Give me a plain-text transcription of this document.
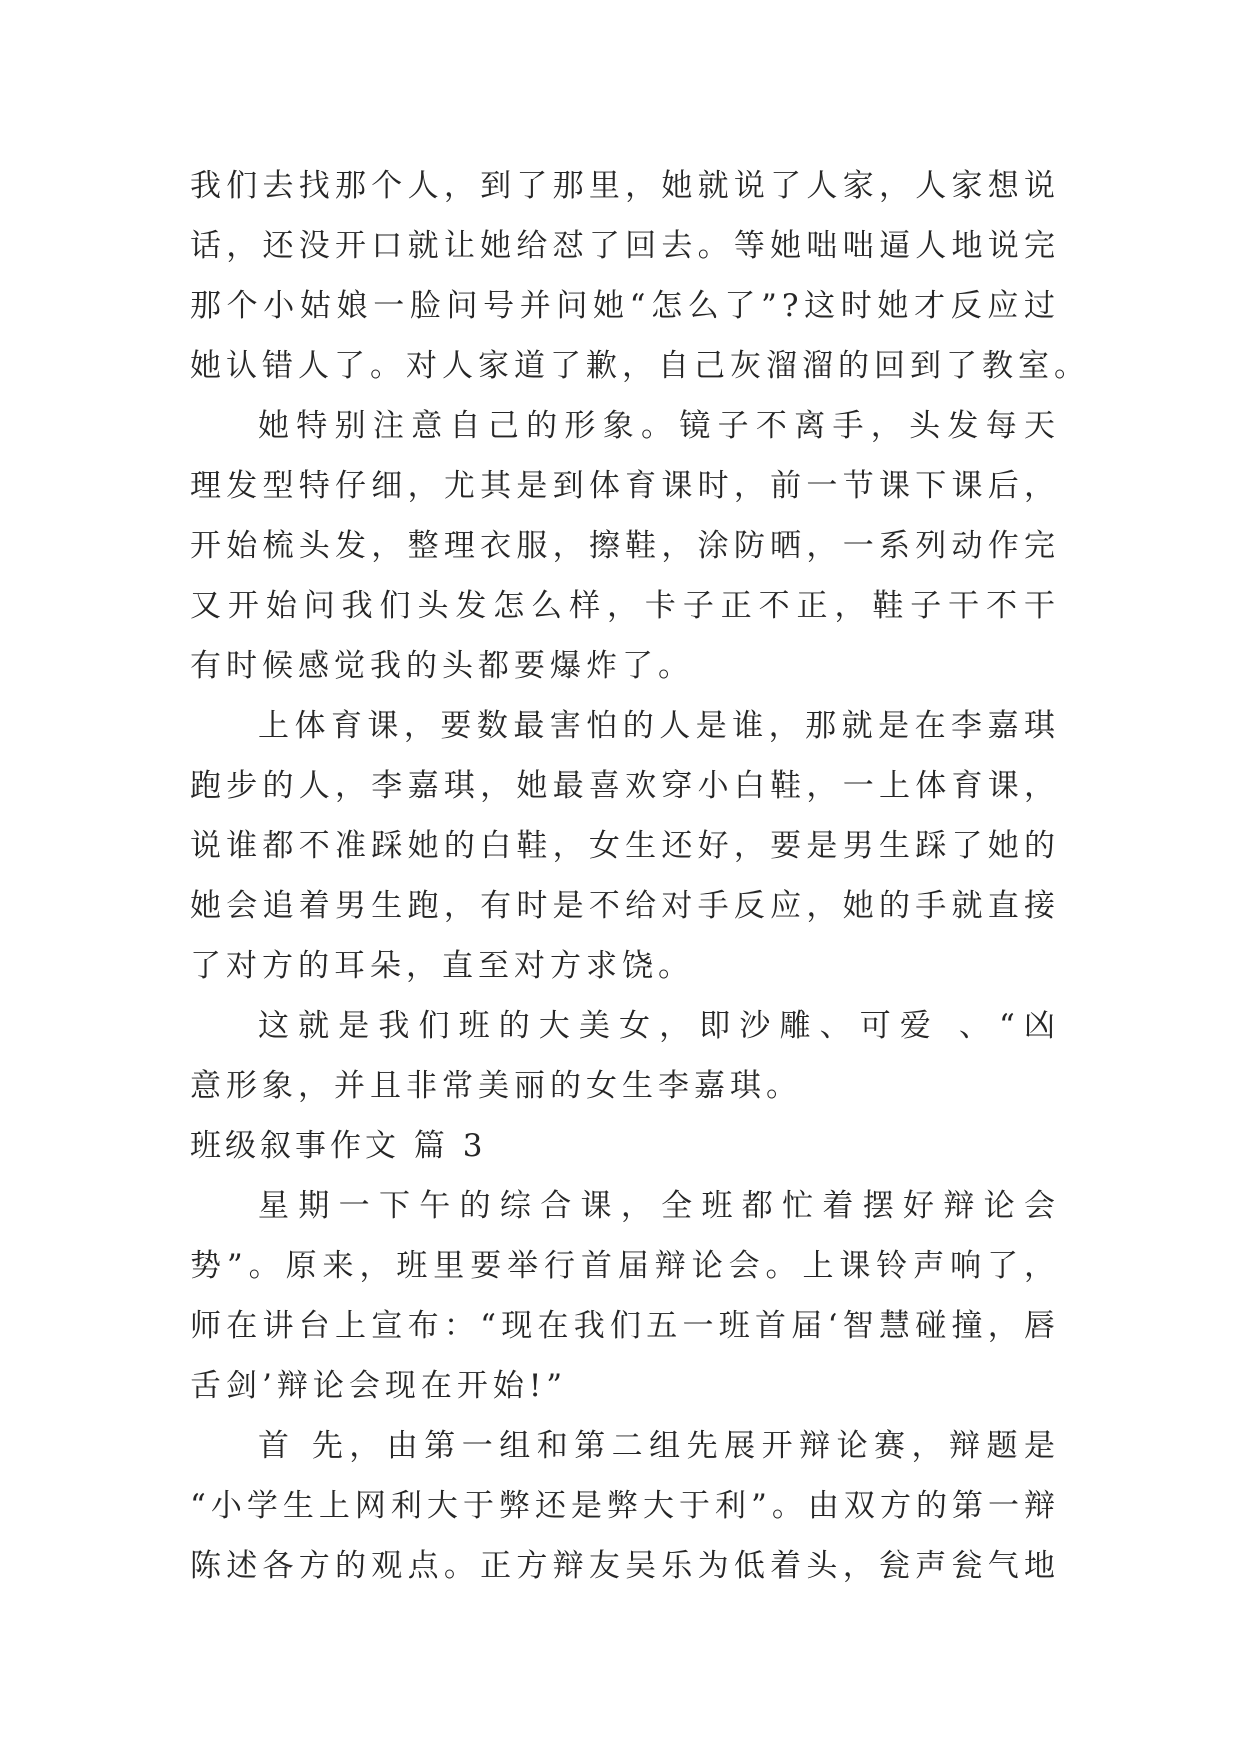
我们去找那个人，到了那里，她就说了人家，人家想说
话，还没开口就让她给怼了回去。等她咄咄逼人地说完
那个小姑娘一脸问号并问她“怎么了”?这时她才反应过
她认错人了。对人家道了歉，自己灰溜溜的回到了教室。
她特别注意自己的形象。镜子不离手，头发每天
理发型特仔细，尤其是到体育课时，前一节课下课后，
开始梳头发，整理衣服，擦鞋，涂防晒，一系列动作完
又开始问我们头发怎么样，卡子正不正，鞋子干不干
有时候感觉我的头都要爆炸了。
上体育课，要数最害怕的人是谁，那就是在李嘉琪
跑步的人，李嘉琪，她最喜欢穿小白鞋，一上体育课，
说谁都不准踩她的白鞋，女生还好，要是男生踩了她的
她会追着男生跑，有时是不给对手反应，她的手就直接
了对方的耳朵，直至对方求饶。
这就是我们班的大美女，即沙雕、可爱 、“凶
意形象，并且非常美丽的女生李嘉琪。
班级叙事作文 篇 3
星期一下午的综合课，全班都忙着摆好辩论会
势”。原来，班里要举行首届辩论会。上课铃声响了，
师在讲台上宣布：“现在我们五一班首届‘智慧碰撞，唇
舌剑’辩论会现在开始!”
首 先，由第一组和第二组先展开辩论赛，辩题是
“小学生上网利大于弊还是弊大于利”。由双方的第一辩
陈述各方的观点。正方辩友吴乐为低着头，瓮声瓮气地
